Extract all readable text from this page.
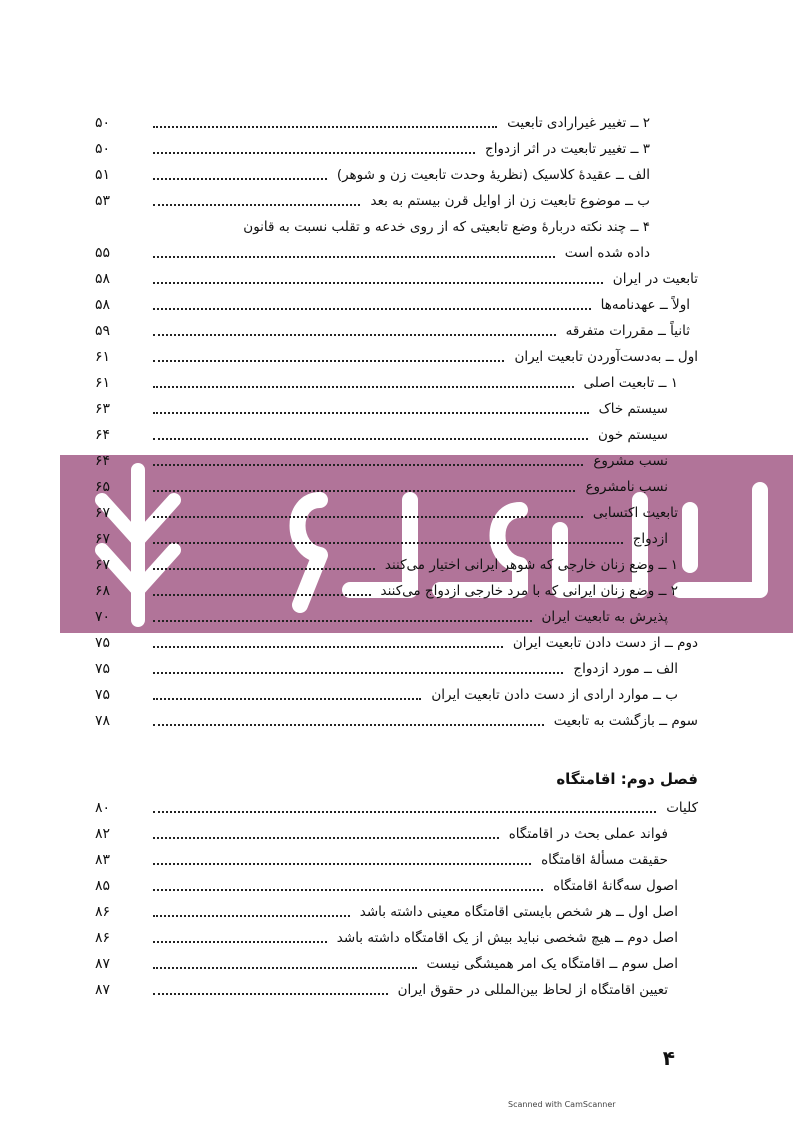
۲ ــ تغییر غیرارادی تابعیت
۵۰
۳ ــ تغییر تابعیت در اثر ازدواج
۵۰
الف ــ عقیدهٔ کلاسیک (نظریهٔ وحدت تابعیت زن و شوهر)
۵۱
ب ــ موضوع تابعیت زن از اوایل قرن بیستم به بعد
۵۳
۴ ــ چند نکته دربارهٔ وضع تابعیتی که از روی خدعه و تقلب نسبت به قانون
داده شده است
۵۵
تابعیت در ایران
۵۸
اولاً ــ عهدنامه‌ها
۵۸
ثانیاً ــ مقررات متفرقه
۵۹
اول ــ به‌دست‌آوردن تابعیت ایران
۶۱
۱ ــ تابعیت اصلی
۶۱
سیستم خاک
۶۳
سیستم خون
۶۴
نسب مشروع
۶۴
نسب نامشروع
۶۵
تابعیت اکتسابی
۶۷
ازدواج
۶۷
۱ ــ وضع زنان خارجی که شوهر ایرانی اختیار می‌کنند
۶۷
۲ ــ وضع زنان ایرانی که با مرد خارجی ازدواج می‌کنند
۶۸
پذیرش به تابعیت ایران
۷۰
دوم ــ از دست دادن تابعیت ایران
۷۵
الف ــ مورد ازدواج
۷۵
ب ــ موارد ارادی از دست دادن تابعیت ایران
۷۵
سوم ــ بازگشت به تابعیت
۷۸
فصل دوم: اقامتگاه
کلیات
۸۰
فواند عملی بحث در اقامتگاه
۸۲
حقیقت مسألهٔ اقامتگاه
۸۳
اصول سه‌گانهٔ اقامتگاه
۸۵
اصل اول ــ هر شخص بایستی اقامتگاه معینی داشته باشد
۸۶
اصل دوم ــ هیچ شخصی نباید بیش از یک اقامتگاه داشته باشد
۸۶
اصل سوم ــ اقامتگاه یک امر همیشگی نیست
۸۷
تعیین اقامتگاه از لحاظ بین‌المللی در حقوق ایران
۸۷
۴
Scanned with CamScanner
